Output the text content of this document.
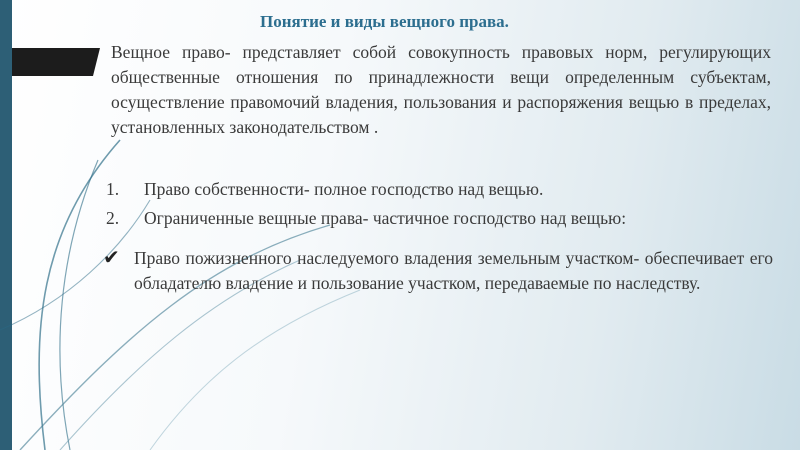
Понятие и виды вещного права.

Вещное право- представляет собой совокупность правовых норм, регулирующих общественные отношения по принадлежности вещи определенным субъектам, осуществление правомочий владения, пользования и распоряжения вещью в пределах, установленных законодательством .

1. Право собственности- полное господство над вещью.
2. Ограниченные вещные права- частичное господство над вещью:
✔ Право пожизненного наследуемого владения земельным участком- обеспечивает его обладателю владение и пользование участком, передаваемые по наследству.
